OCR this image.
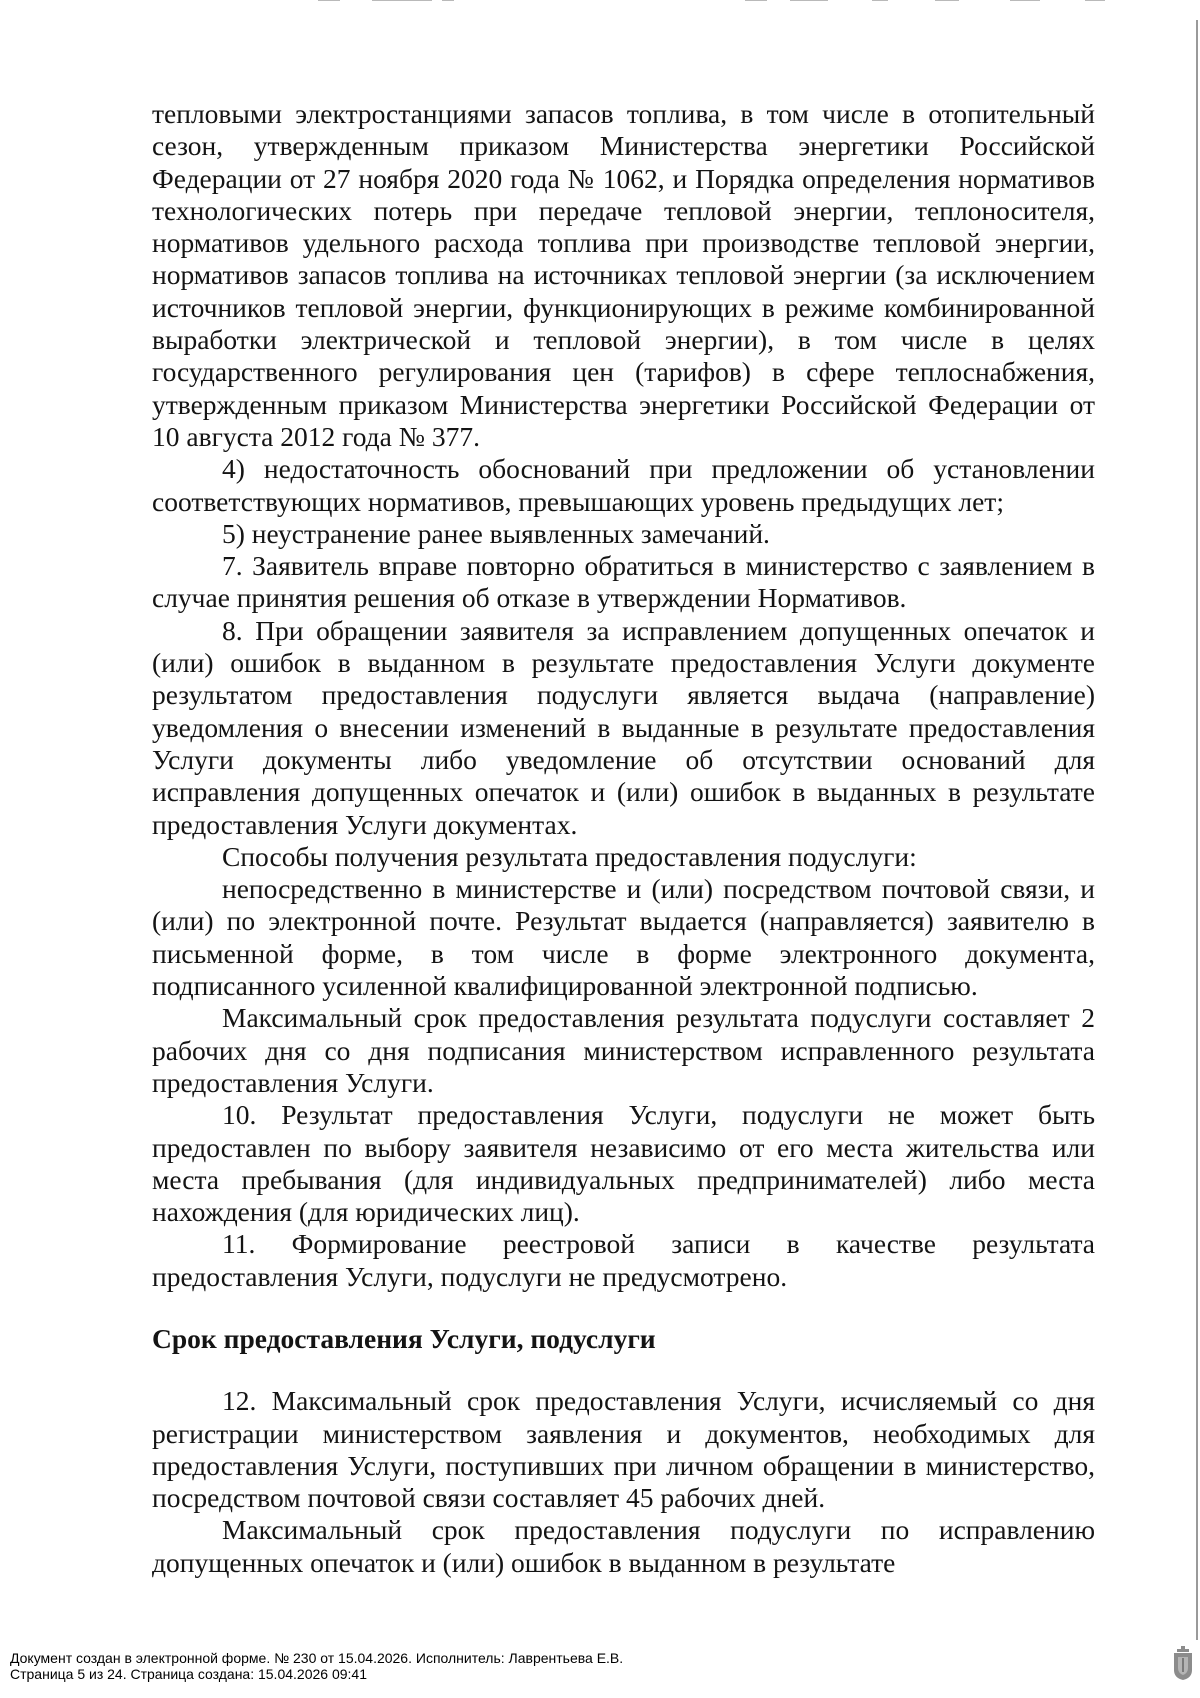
тепловыми электростанциями запасов топлива, в том числе в отопительный сезон, утвержденным приказом Министерства энергетики Российской Федерации от 27 ноября 2020 года № 1062, и Порядка определения нормативов технологических потерь при передаче тепловой энергии, теплоносителя, нормативов удельного расхода топлива при производстве тепловой энергии, нормативов запасов топлива на источниках тепловой энергии (за исключением источников тепловой энергии, функционирующих в режиме комбинированной выработки электрической и тепловой энергии), в том числе в целях государственного регулирования цен (тарифов) в сфере теплоснабжения, утвержденным приказом Министерства энергетики Российской Федерации от 10 августа 2012 года № 377.

4) недостаточность обоснований при предложении об установлении соответствующих нормативов, превышающих уровень предыдущих лет;

5) неустранение ранее выявленных замечаний.

7. Заявитель вправе повторно обратиться в министерство с заявлением в случае принятия решения об отказе в утверждении Нормативов.

8. При обращении заявителя за исправлением допущенных опечаток и (или) ошибок в выданном в результате предоставления Услуги документе результатом предоставления подуслуги является выдача (направление) уведомления о внесении изменений в выданные в результате предоставления Услуги документы либо уведомление об отсутствии оснований для исправления допущенных опечаток и (или) ошибок в выданных в результате предоставления Услуги документах.

Способы получения результата предоставления подуслуги:

непосредственно в министерстве и (или) посредством почтовой связи, и (или) по электронной почте. Результат выдается (направляется) заявителю в письменной форме, в том числе в форме электронного документа, подписанного усиленной квалифицированной электронной подписью.

Максимальный срок предоставления результата подуслуги составляет 2 рабочих дня со дня подписания министерством исправленного результата предоставления Услуги.

10. Результат предоставления Услуги, подуслуги не может быть предоставлен по выбору заявителя независимо от его места жительства или места пребывания (для индивидуальных предпринимателей) либо места нахождения (для юридических лиц).

11. Формирование реестровой записи в качестве результата предоставления Услуги, подуслуги не предусмотрено.

Срок предоставления Услуги, подуслуги

12. Максимальный срок предоставления Услуги, исчисляемый со дня регистрации министерством заявления и документов, необходимых для предоставления Услуги, поступивших при личном обращении в министерство, посредством почтовой связи составляет 45 рабочих дней.

Максимальный срок предоставления подуслуги по исправлению допущенных опечаток и (или) ошибок в выданном в результате

Документ создан в электронной форме. № 230 от 15.04.2026. Исполнитель: Лаврентьева Е.В.
Страница 5 из 24. Страница создана: 15.04.2026 09:41
